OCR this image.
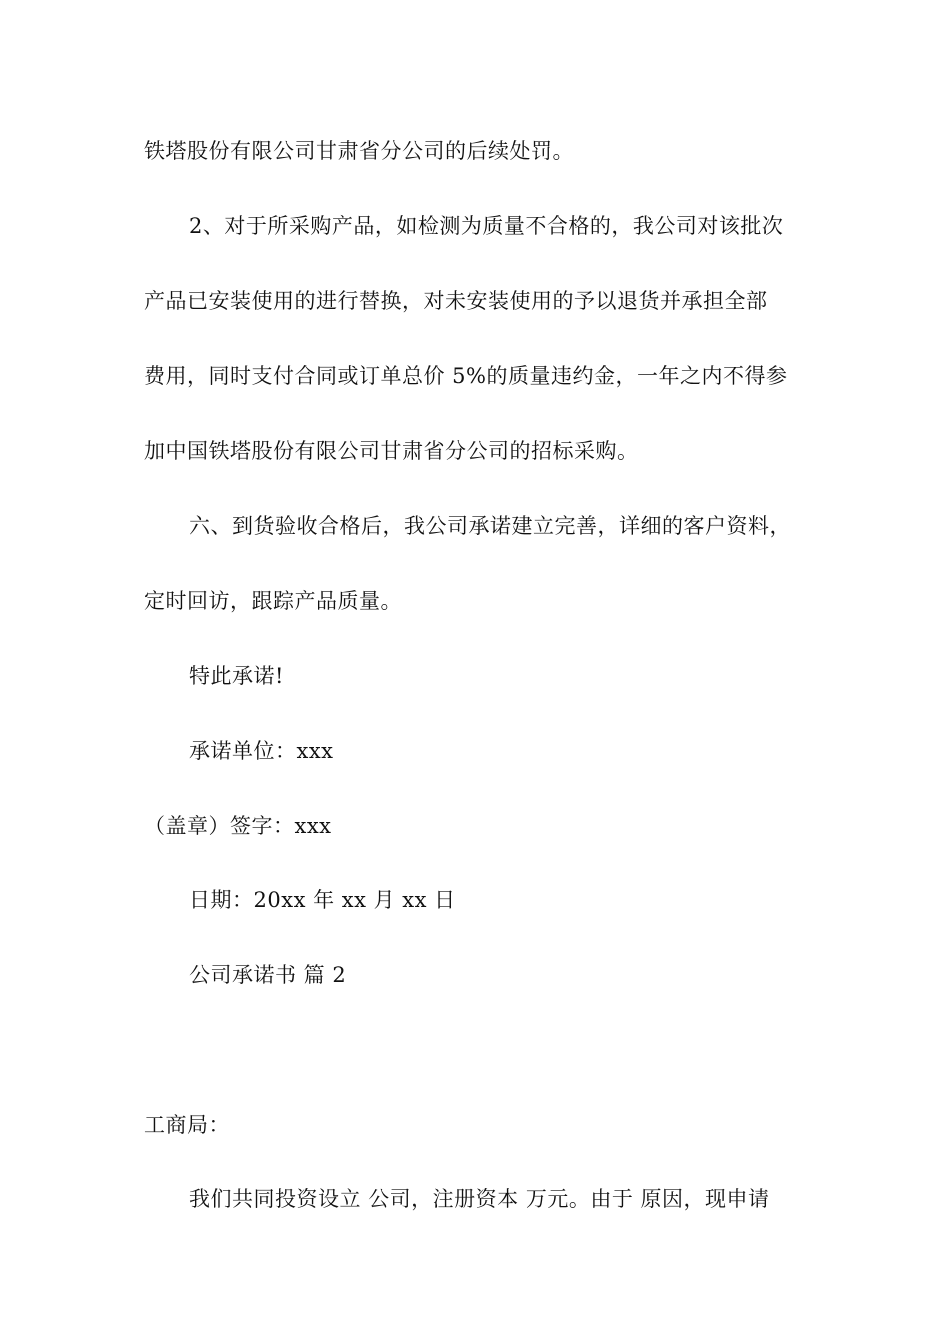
铁塔股份有限公司甘肃省分公司的后续处罚。
2、对于所采购产品，如检测为质量不合格的，我公司对该批次
产品已安装使用的进行替换，对未安装使用的予以退货并承担全部
费用，同时支付合同或订单总价 5%的质量违约金，一年之内不得参
加中国铁塔股份有限公司甘肃省分公司的招标采购。
六、到货验收合格后，我公司承诺建立完善，详细的客户资料，
定时回访，跟踪产品质量。
特此承诺!
承诺单位：xxx
（盖章）签字：xxx
日期：20xx 年 xx 月 xx 日
公司承诺书 篇 2
工商局：
我们共同投资设立 公司，注册资本 万元。由于 原因，现申请
